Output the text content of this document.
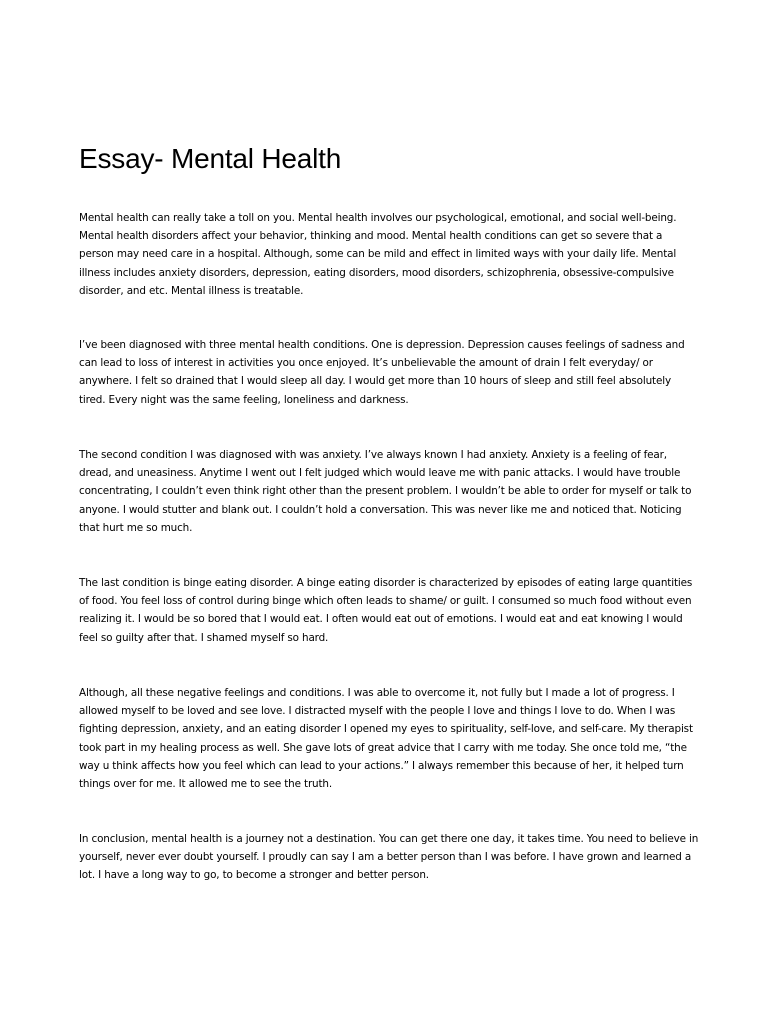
Essay- Mental Health

Mental health can really take a toll on you. Mental health involves our psychological, emotional, and social well-being. Mental health disorders affect your behavior, thinking and mood. Mental health conditions can get so severe that a person may need care in a hospital. Although, some can be mild and effect in limited ways with your daily life. Mental illness includes anxiety disorders, depression, eating disorders, mood disorders, schizophrenia, obsessive-compulsive disorder, and etc. Mental illness is treatable.

I’ve been diagnosed with three mental health conditions. One is depression. Depression causes feelings of sadness and can lead to loss of interest in activities you once enjoyed. It’s unbelievable the amount of drain I felt everyday/ or anywhere. I felt so drained that I would sleep all day. I would get more than 10 hours of sleep and still feel absolutely tired. Every night was the same feeling, loneliness and darkness.

The second condition I was diagnosed with was anxiety. I’ve always known I had anxiety. Anxiety is a feeling of fear, dread, and uneasiness. Anytime I went out I felt judged which would leave me with panic attacks. I would have trouble concentrating, I couldn’t even think right other than the present problem. I wouldn’t be able to order for myself or talk to anyone. I would stutter and blank out. I couldn’t hold a conversation. This was never like me and noticed that. Noticing that hurt me so much.

The last condition is binge eating disorder. A binge eating disorder is characterized by episodes of eating large quantities of food. You feel loss of control during binge which often leads to shame/ or guilt. I consumed so much food without even realizing it. I would be so bored that I would eat. I often would eat out of emotions. I would eat and eat knowing I would feel so guilty after that. I shamed myself so hard.

Although, all these negative feelings and conditions. I was able to overcome it, not fully but I made a lot of progress. I allowed myself to be loved and see love. I distracted myself with the people I love and things I love to do. When I was fighting depression, anxiety, and an eating disorder I opened my eyes to spirituality, self-love, and self-care. My therapist took part in my healing process as well. She gave lots of great advice that I carry with me today. She once told me, “the way u think affects how you feel which can lead to your actions.” I always remember this because of her, it helped turn things over for me. It allowed me to see the truth.

In conclusion, mental health is a journey not a destination. You can get there one day, it takes time. You need to believe in yourself, never ever doubt yourself. I proudly can say I am a better person than I was before. I have grown and learned a lot. I have a long way to go, to become a stronger and better person.
